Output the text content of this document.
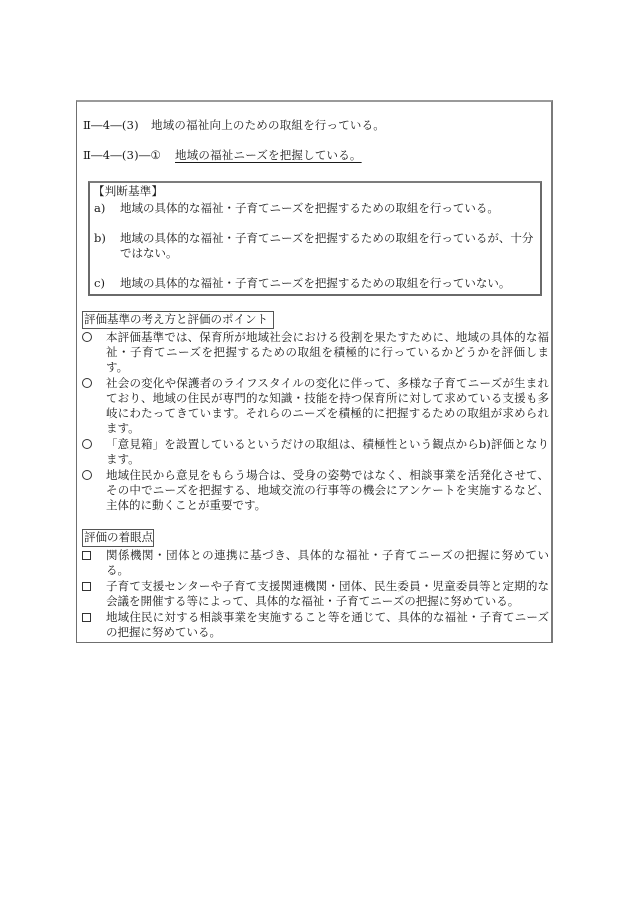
Ⅱ―4―(3) 地域の福祉向上のための取組を行っている。
Ⅱ―4―(3)―① 地域の福祉ニーズを把握している。
【判断基準】
a)	地域の具体的な福祉・子育てニーズを把握するための取組を行っている。
b)	地域の具体的な福祉・子育てニーズを把握するための取組を行っているが、十分ではない。
c)	地域の具体的な福祉・子育てニーズを把握するための取組を行っていない。
評価基準の考え方と評価のポイント
本評価基準では、保育所が地域社会における役割を果たすために、地域の具体的な福祉・子育てニーズを把握するための取組を積極的に行っているかどうかを評価します。
社会の変化や保護者のライフスタイルの変化に伴って、多様な子育てニーズが生まれており、地域の住民が専門的な知識・技能を持つ保育所に対して求めている支援も多岐にわたってきています。それらのニーズを積極的に把握するための取組が求められます。
「意見箱」を設置しているというだけの取組は、積極性という観点からb)評価となります。
地域住民から意見をもらう場合は、受身の姿勢ではなく、相談事業を活発化させて、その中でニーズを把握する、地域交流の行事等の機会にアンケートを実施するなど、主体的に動くことが重要です。
評価の着眼点
関係機関・団体との連携に基づき、具体的な福祉・子育てニーズの把握に努めている。
子育て支援センターや子育て支援関連機関・団体、民生委員・児童委員等と定期的な会議を開催する等によって、具体的な福祉・子育てニーズの把握に努めている。
地域住民に対する相談事業を実施すること等を通じて、具体的な福祉・子育てニーズの把握に努めている。
